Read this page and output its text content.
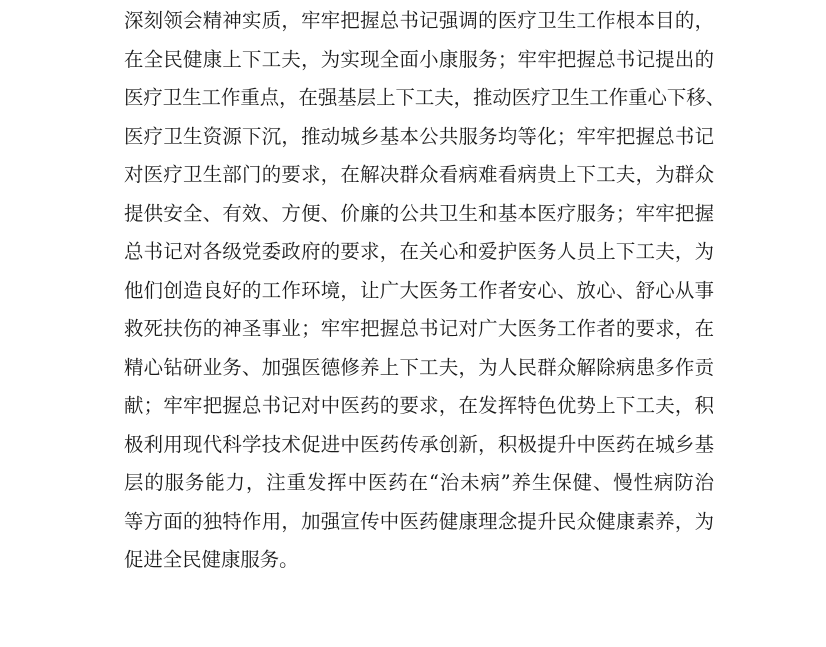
深刻领会精神实质，牢牢把握总书记强调的医疗卫生工作根本目的，
在全民健康上下工夫，为实现全面小康服务；牢牢把握总书记提出的
医疗卫生工作重点，在强基层上下工夫，推动医疗卫生工作重心下移、
医疗卫生资源下沉，推动城乡基本公共服务均等化；牢牢把握总书记
对医疗卫生部门的要求，在解决群众看病难看病贵上下工夫，为群众
提供安全、有效、方便、价廉的公共卫生和基本医疗服务；牢牢把握
总书记对各级党委政府的要求，在关心和爱护医务人员上下工夫，为
他们创造良好的工作环境，让广大医务工作者安心、放心、舒心从事
救死扶伤的神圣事业；牢牢把握总书记对广大医务工作者的要求，在
精心钻研业务、加强医德修养上下工夫，为人民群众解除病患多作贡
献；牢牢把握总书记对中医药的要求，在发挥特色优势上下工夫，积
极利用现代科学技术促进中医药传承创新，积极提升中医药在城乡基
层的服务能力，注重发挥中医药在“治未病”养生保健、慢性病防治
等方面的独特作用，加强宣传中医药健康理念提升民众健康素养，为
促进全民健康服务。
